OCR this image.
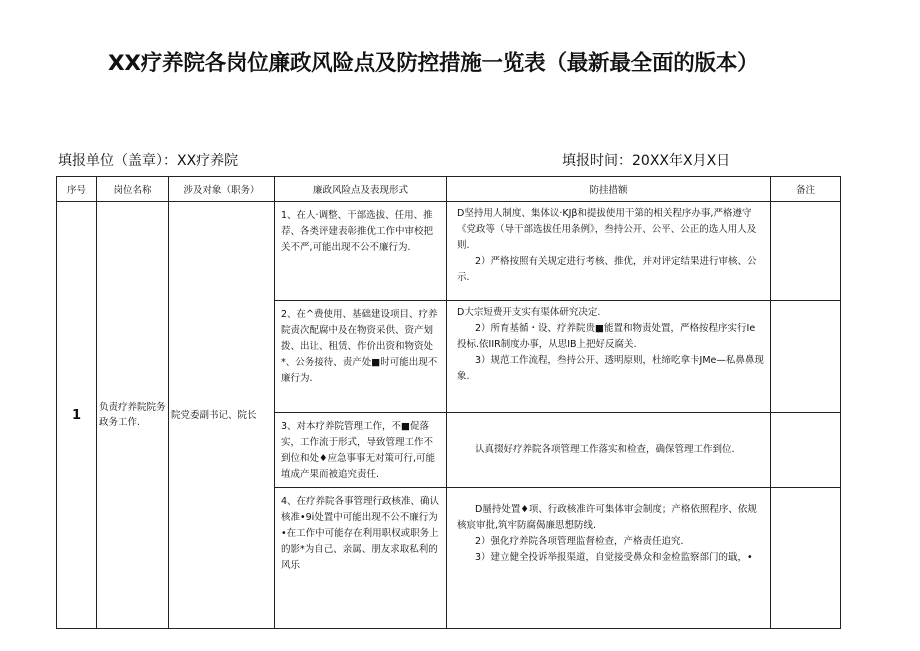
XX疗养院各岗位廉政风险点及防控措施一览表（最新最全面的版本）
填报单位（盖章）：XX疗养院	填报时间：20XX年X月X日
序号	岗位名称	涉及对象（职务）	廉政风险点及表现形式	防挂措额	备注
1	负责疗养院院务政务工作.	院党委副书记、院长	1、在人·调整、干部选拔、任用、推荐、各类评建表彰推优工作中审校把关不严,可能出现不公不廉行为.	D坚持用人制度、集体议·KJβ和提拔使用干第的相关程序办事,严格遵守《党政等（导干部选拔任用条例》，叁持公开、公平、公正的选人用人及则.

2）严格按照有关规定进行考核、推优，并对评定结果进行审核、公示.	

			2、在^费使用、基础建设项目、疗养院责次配腐中及在物资采供、资产划拨、出让、租赁、作价出资和物资处*、公务接待、责产处■时可能出现不廉行为.	D大宗短费开支实有渠体研究决定.

2）所育基循・设、疗养院贵■能置和物责处置，严格按程序实行Ie投标.依IIR制度办事，从思IB上把好反腐关.

3）规范工作流程，叁持公开、透明原则，杜缔吃拿卡JMe—私鼻鼻现象.	

			3、对本疗养院管理工作，不■促落实，工作流于形式，导致管理工作不到位和处♦应急事事无对策可行,可能埴成产果而被追究责任.	认真掇好疗养院各项管理工作落实和检查，确保管理工作到位.	

			4、在疗养院各事管理行政核准、确认核准•9i处置中可能出现不公不廉行为•在工作中可能存在利用职权或职务上的影*为自己、亲属、朋友求取私利的风乐	D蜃持处置♦项、行政核准许可集体审会制度；产格依照程序、依规核宸审批,筑牢防腐偈廉思想防线.

2）强化疗养院各项管理监督检查，产格责任追究.

3）建立健全投诉举报渠道，自觉接受鼻众和金检监察部门的戢，•	
